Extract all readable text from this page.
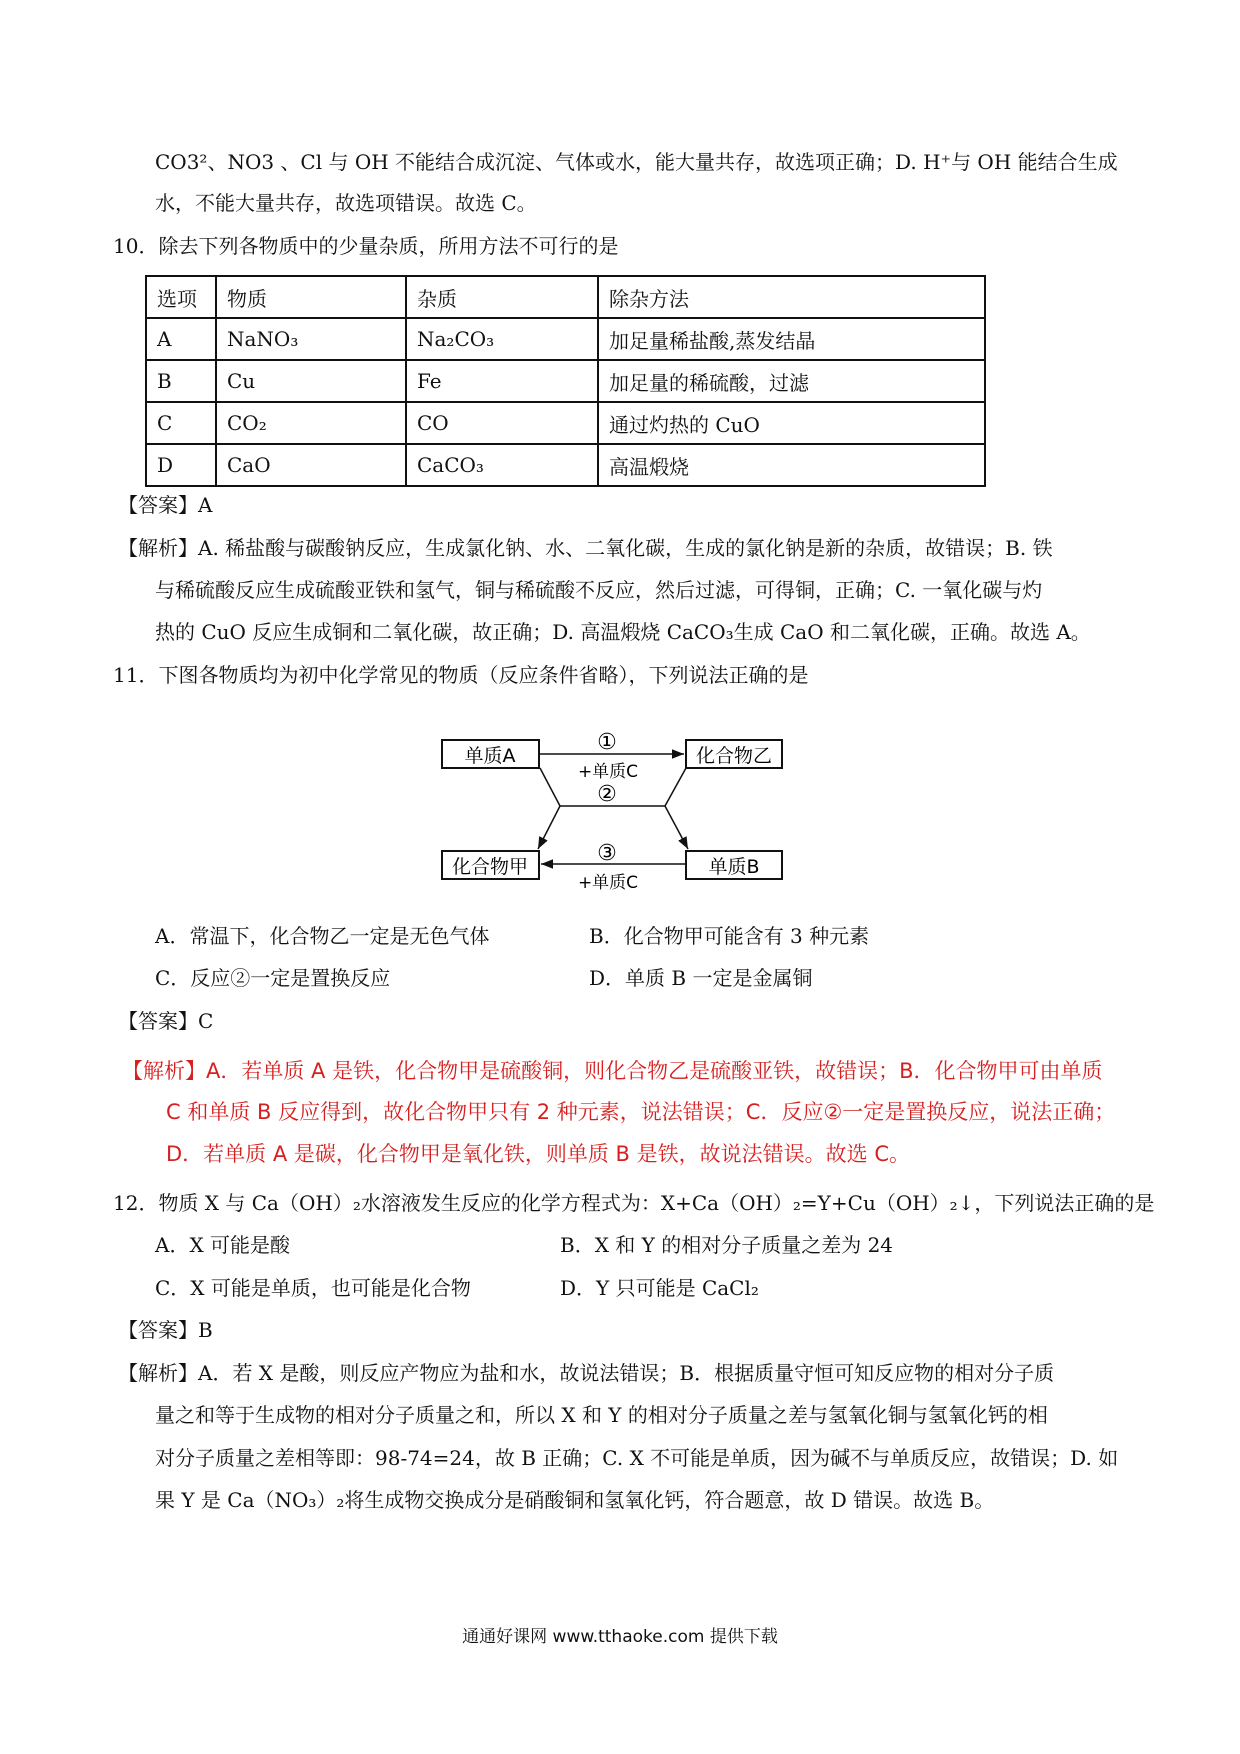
CO3²、NO3 、Cl 与 OH 不能结合成沉淀、气体或水，能大量共存，故选项正确；D. H⁺与 OH 能结合生成
水，不能大量共存，故选项错误。故选 C。
10．除去下列各物质中的少量杂质，所用方法不可行的是
选项	物质	杂质	除杂方法
A	NaNO₃	Na₂CO₃	加足量稀盐酸,蒸发结晶
B	Cu	Fe	加足量的稀硫酸，过滤
C	CO₂	CO	通过灼热的 CuO
D	CaO	CaCO₃	高温煅烧
【答案】A
【解析】A. 稀盐酸与碳酸钠反应，生成氯化钠、水、二氧化碳，生成的氯化钠是新的杂质，故错误；B. 铁
与稀硫酸反应生成硫酸亚铁和氢气，铜与稀硫酸不反应，然后过滤，可得铜，正确；C. 一氧化碳与灼
热的 CuO 反应生成铜和二氧化碳，故正确；D. 高温煅烧 CaCO₃生成 CaO 和二氧化碳，正确。故选 A。
11．下图各物质均为初中化学常见的物质（反应条件省略），下列说法正确的是
单质A	化合物乙
化合物甲	单质B
①
+单质C
②
③
+单质C
A．常温下，化合物乙一定是无色气体	B．化合物甲可能含有 3 种元素
C．反应②一定是置换反应	D．单质 B 一定是金属铜
【答案】C
【解析】A．若单质 A 是铁，化合物甲是硫酸铜，则化合物乙是硫酸亚铁，故错误；B．化合物甲可由单质
C 和单质 B 反应得到，故化合物甲只有 2 种元素，说法错误；C．反应②一定是置换反应，说法正确；
D．若单质 A 是碳，化合物甲是氧化铁，则单质 B 是铁，故说法错误。故选 C。
12．物质 X 与 Ca（OH）₂水溶液发生反应的化学方程式为：X+Ca（OH）₂=Y+Cu（OH）₂↓，下列说法正确的是
A．X 可能是酸	B．X 和 Y 的相对分子质量之差为 24
C．X 可能是单质，也可能是化合物	D．Y 只可能是 CaCl₂
【答案】B
【解析】A．若 X 是酸，则反应产物应为盐和水，故说法错误；B．根据质量守恒可知反应物的相对分子质
量之和等于生成物的相对分子质量之和，所以 X 和 Y 的相对分子质量之差与氢氧化铜与氢氧化钙的相
对分子质量之差相等即：98-74=24，故 B 正确；C. X 不可能是单质，因为碱不与单质反应，故错误；D. 如
果 Y 是 Ca（NO₃）₂将生成物交换成分是硝酸铜和氢氧化钙，符合题意，故 D 错误。故选 B。
通通好课网 www.tthaoke.com 提供下载
